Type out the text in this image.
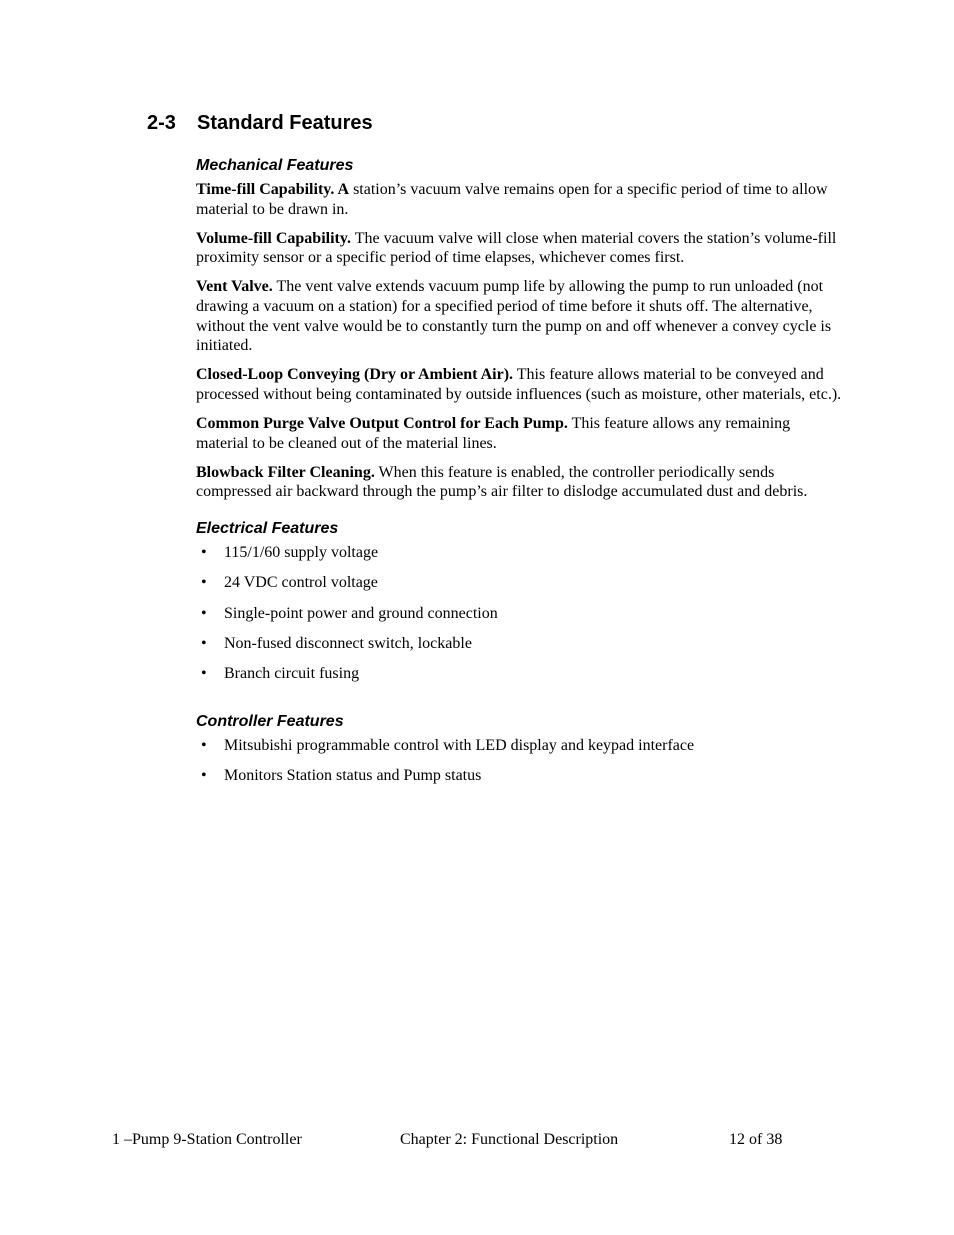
2-3 Standard Features
Mechanical Features

Time-fill Capability. A station’s vacuum valve remains open for a specific period of time to allow material to be drawn in.

Volume-fill Capability. The vacuum valve will close when material covers the station’s volume-fill proximity sensor or a specific period of time elapses, whichever comes first.

Vent Valve. The vent valve extends vacuum pump life by allowing the pump to run unloaded (not drawing a vacuum on a station) for a specified period of time before it shuts off. The alternative, without the vent valve would be to constantly turn the pump on and off whenever a convey cycle is initiated.

Closed-Loop Conveying (Dry or Ambient Air). This feature allows material to be conveyed and processed without being contaminated by outside influences (such as moisture, other materials, etc.).

Common Purge Valve Output Control for Each Pump. This feature allows any remaining material to be cleaned out of the material lines.

Blowback Filter Cleaning. When this feature is enabled, the controller periodically sends compressed air backward through the pump’s air filter to dislodge accumulated dust and debris.

Electrical Features
• 115/1/60 supply voltage
• 24 VDC control voltage
• Single-point power and ground connection
• Non-fused disconnect switch, lockable
• Branch circuit fusing
Controller Features
• Mitsubishi programmable control with LED display and keypad interface
• Monitors Station status and Pump status
1 –Pump 9-Station Controller	Chapter 2: Functional Description	12 of 38
